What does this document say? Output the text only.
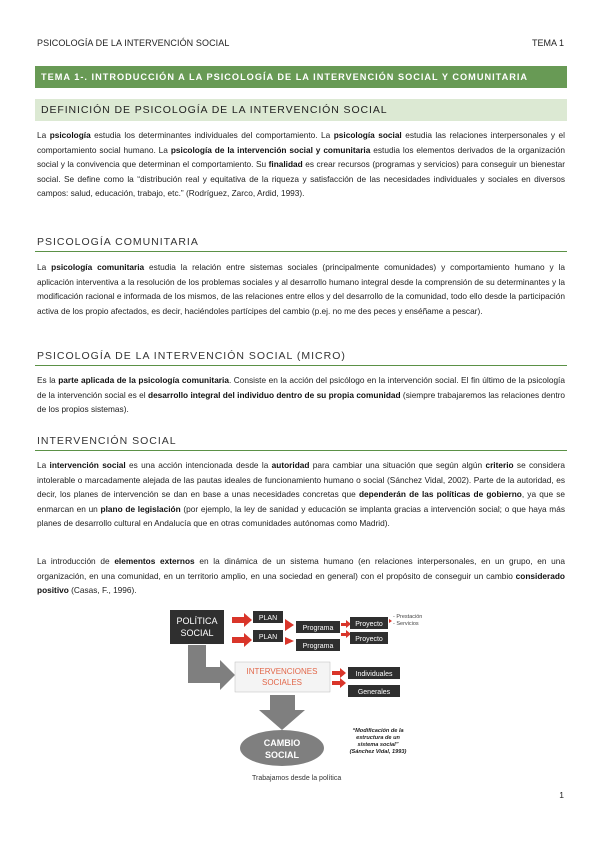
PSICOLOGÍA DE LA INTERVENCIÓN SOCIAL	TEMA 1
TEMA 1-. INTRODUCCIÓN A LA PSICOLOGÍA DE LA INTERVENCIÓN SOCIAL Y COMUNITARIA
DEFINICIÓN DE PSICOLOGÍA DE LA INTERVENCIÓN SOCIAL
La psicología estudia los determinantes individuales del comportamiento. La psicología social estudia las relaciones interpersonales y el comportamiento social humano. La psicología de la intervención social y comunitaria estudia los elementos derivados de la organización social y la convivencia que determinan el comportamiento. Su finalidad es crear recursos (programas y servicios) para conseguir un bienestar social. Se define como la “distribución real y equitativa de la riqueza y satisfacción de las necesidades individuales y sociales en diversos campos: salud, educación, trabajo, etc.” (Rodríguez, Zarco, Ardid, 1993).
PSICOLOGÍA COMUNITARIA
La psicología comunitaria estudia la relación entre sistemas sociales (principalmente comunidades) y comportamiento humano y la aplicación interventiva a la resolución de los problemas sociales y al desarrollo humano integral desde la comprensión de su determinantes y la modificación racional e informada de los mismos, de las relaciones entre ellos y del desarrollo de la comunidad, todo ello desde la participación activa de los propio afectados, es decir, haciéndoles partícipes del cambio (p.ej. no me des peces y enséñame a pescar).
PSICOLOGÍA DE LA INTERVENCIÓN SOCIAL (MICRO)
Es la parte aplicada de la psicología comunitaria. Consiste en la acción del psicólogo en la intervención social. El fin último de la psicología de la intervención social es el desarrollo integral del individuo dentro de su propia comunidad (siempre trabajaremos las relaciones dentro de los propios sistemas).
INTERVENCIÓN SOCIAL
La intervención social es una acción intencionada desde la autoridad para cambiar una situación que según algún criterio se considera intolerable o marcadamente alejada de las pautas ideales de funcionamiento humano o social (Sánchez Vidal, 2002). Parte de la autoridad, es decir, los planes de intervención se dan en base a unas necesidades concretas que dependerán de las políticas de gobierno, ya que se enmarcan en un plano de legislación (por ejemplo, la ley de sanidad y educación se implanta gracias a intervención social; o que haya más planes de desarrollo cultural en Andalucía que en otras comunidades autónomas como Madrid).
La introducción de elementos externos en la dinámica de un sistema humano (en relaciones interpersonales, en un grupo, en una organización, en una comunidad, en un territorio amplio, en una sociedad en general) con el propósito de conseguir un cambio considerado positivo (Casas, F., 1996).
POLÍTICA
SOCIAL
PLAN
PLAN
Programa
Programa
Proyecto
Proyecto
- Prestación
- Servicios
INTERVENCIONES
SOCIALES
Individuales
Generales
CAMBIO
SOCIAL
“Modificación de la
estructura de un
sistema social”
(Sánchez Vidal, 1993)
Trabajamos desde la política
1
